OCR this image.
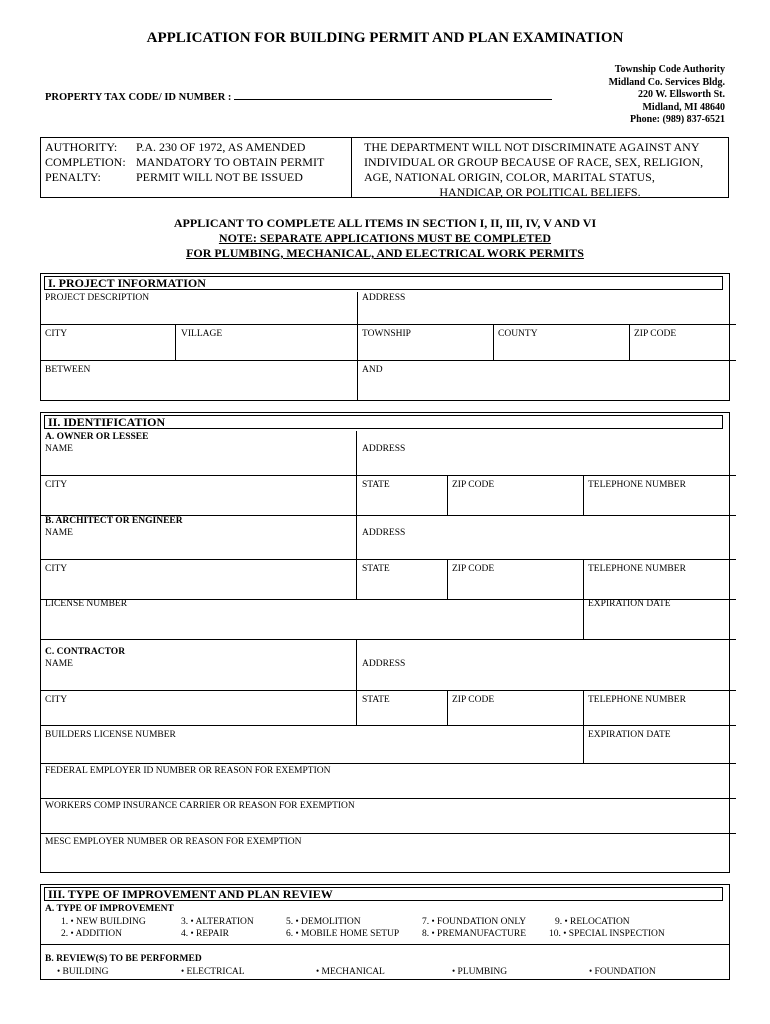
APPLICATION FOR BUILDING PERMIT AND PLAN EXAMINATION
Township Code Authority
Midland Co. Services Bldg.
220 W. Ellsworth St.
Midland, MI 48640
Phone: (989) 837-6521
PROPERTY TAX CODE/ ID NUMBER :
AUTHORITY:	P.A. 230 OF 1972, AS AMENDED
COMPLETION:	MANDATORY TO OBTAIN PERMIT
PENALTY:	PERMIT WILL NOT BE ISSUED
THE DEPARTMENT WILL NOT DISCRIMINATE AGAINST ANY
INDIVIDUAL OR GROUP BECAUSE OF RACE, SEX, RELIGION,
AGE, NATIONAL ORIGIN, COLOR, MARITAL STATUS,
HANDICAP, OR POLITICAL BELIEFS.
APPLICANT TO COMPLETE ALL ITEMS IN SECTION I, II, III, IV, V AND VI
NOTE: SEPARATE APPLICATIONS MUST BE COMPLETED
FOR PLUMBING, MECHANICAL, AND ELECTRICAL WORK PERMITS
I. PROJECT INFORMATION
PROJECT DESCRIPTION	ADDRESS
CITY	VILLAGE	TOWNSHIP	COUNTY	ZIP CODE
BETWEEN	AND
II. IDENTIFICATION
A. OWNER OR LESSEE
NAME	ADDRESS
CITY	STATE	ZIP CODE	TELEPHONE NUMBER
B. ARCHITECT OR ENGINEER
NAME	ADDRESS
CITY	STATE	ZIP CODE	TELEPHONE NUMBER
LICENSE NUMBER	EXPIRATION DATE
C. CONTRACTOR
NAME	ADDRESS
CITY	STATE	ZIP CODE	TELEPHONE NUMBER
BUILDERS LICENSE NUMBER	EXPIRATION DATE
FEDERAL EMPLOYER ID NUMBER OR REASON FOR EXEMPTION
WORKERS COMP INSURANCE CARRIER OR REASON FOR EXEMPTION
MESC EMPLOYER NUMBER OR REASON FOR EXEMPTION
III. TYPE OF IMPROVEMENT AND PLAN REVIEW
A. TYPE OF IMPROVEMENT
1. • NEW BUILDING
2. • ADDITION
3. • ALTERATION
4. • REPAIR
5. • DEMOLITION
6. • MOBILE HOME SETUP
7. • FOUNDATION ONLY
8. • PREMANUFACTURE
9. • RELOCATION
10. • SPECIAL INSPECTION
B. REVIEW(S) TO BE PERFORMED
• BUILDING	• ELECTRICAL	• MECHANICAL	• PLUMBING	• FOUNDATION
